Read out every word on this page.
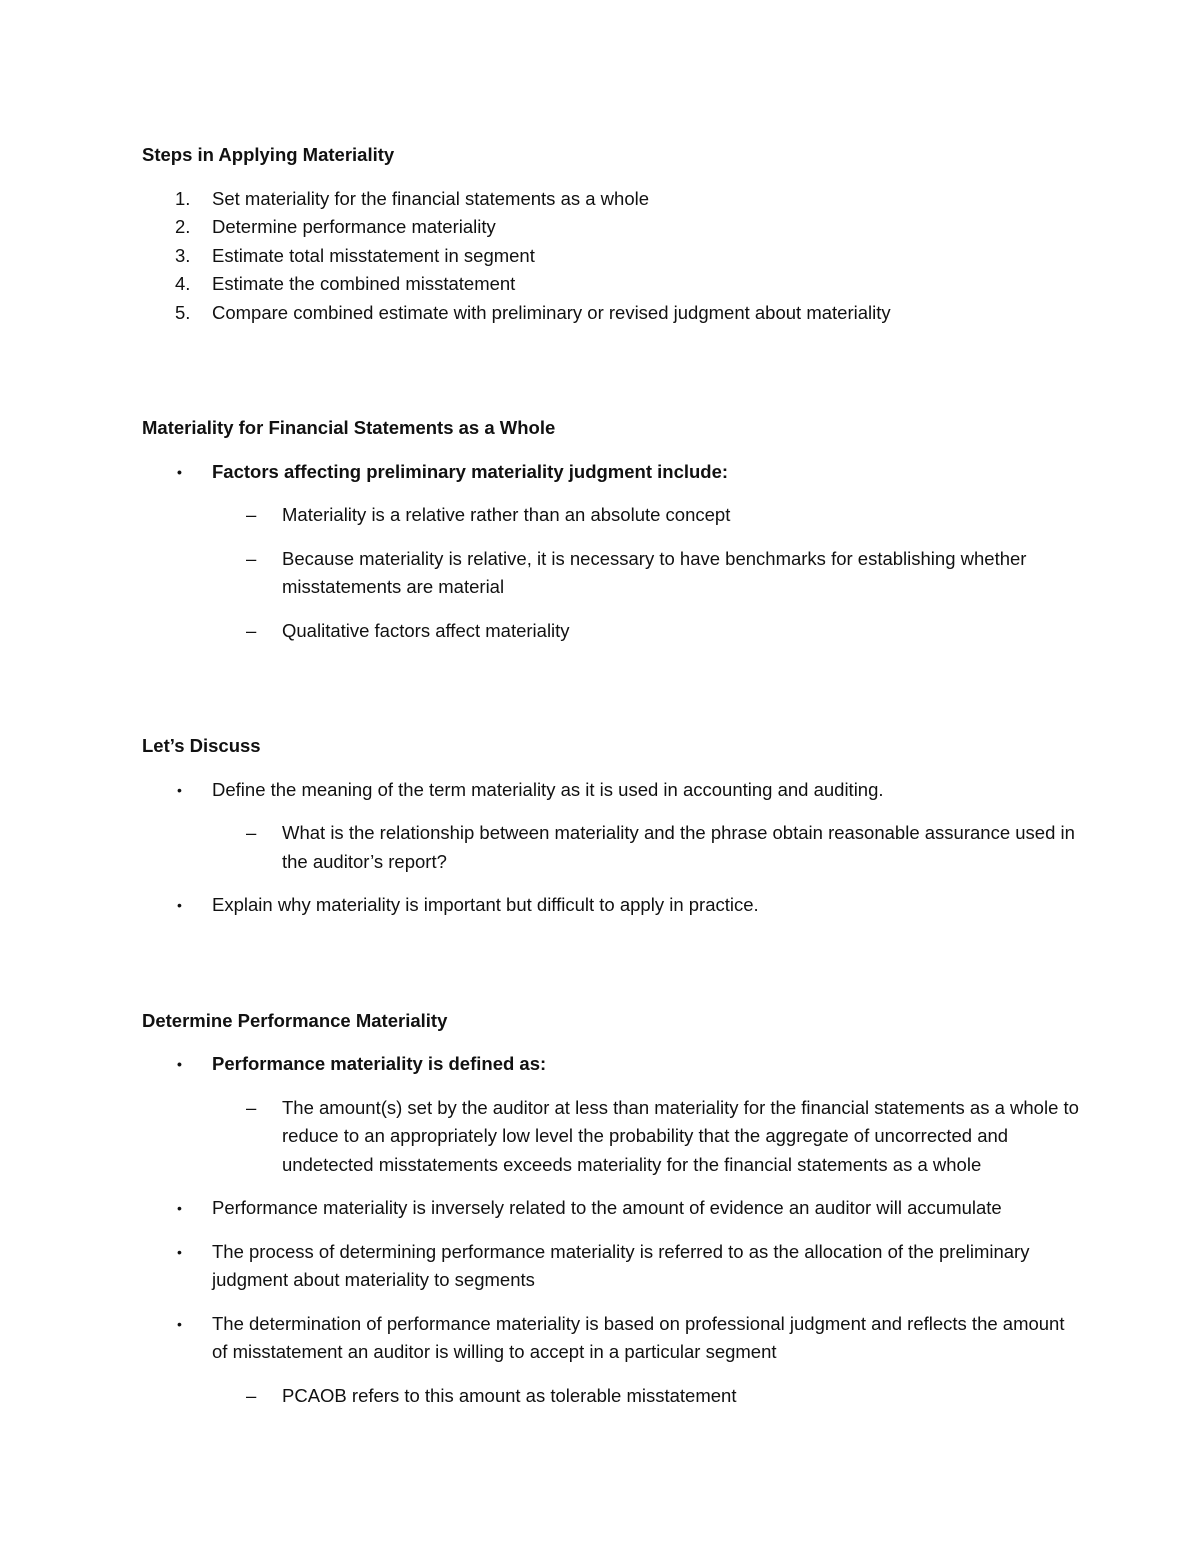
Steps in Applying Materiality

1. Set materiality for the financial statements as a whole
2. Determine performance materiality
3. Estimate total misstatement in segment
4. Estimate the combined misstatement
5. Compare combined estimate with preliminary or revised judgment about materiality

Materiality for Financial Statements as a Whole

• Factors affecting preliminary materiality judgment include:
– Materiality is a relative rather than an absolute concept
– Because materiality is relative, it is necessary to have benchmarks for establishing whether misstatements are material
– Qualitative factors affect materiality

Let’s Discuss

• Define the meaning of the term materiality as it is used in accounting and auditing.
– What is the relationship between materiality and the phrase obtain reasonable assurance used in the auditor’s report?
• Explain why materiality is important but difficult to apply in practice.

Determine Performance Materiality

• Performance materiality is defined as:
– The amount(s) set by the auditor at less than materiality for the financial statements as a whole to reduce to an appropriately low level the probability that the aggregate of uncorrected and undetected misstatements exceeds materiality for the financial statements as a whole
• Performance materiality is inversely related to the amount of evidence an auditor will accumulate
• The process of determining performance materiality is referred to as the allocation of the preliminary judgment about materiality to segments
• The determination of performance materiality is based on professional judgment and reflects the amount of misstatement an auditor is willing to accept in a particular segment
– PCAOB refers to this amount as tolerable misstatement
